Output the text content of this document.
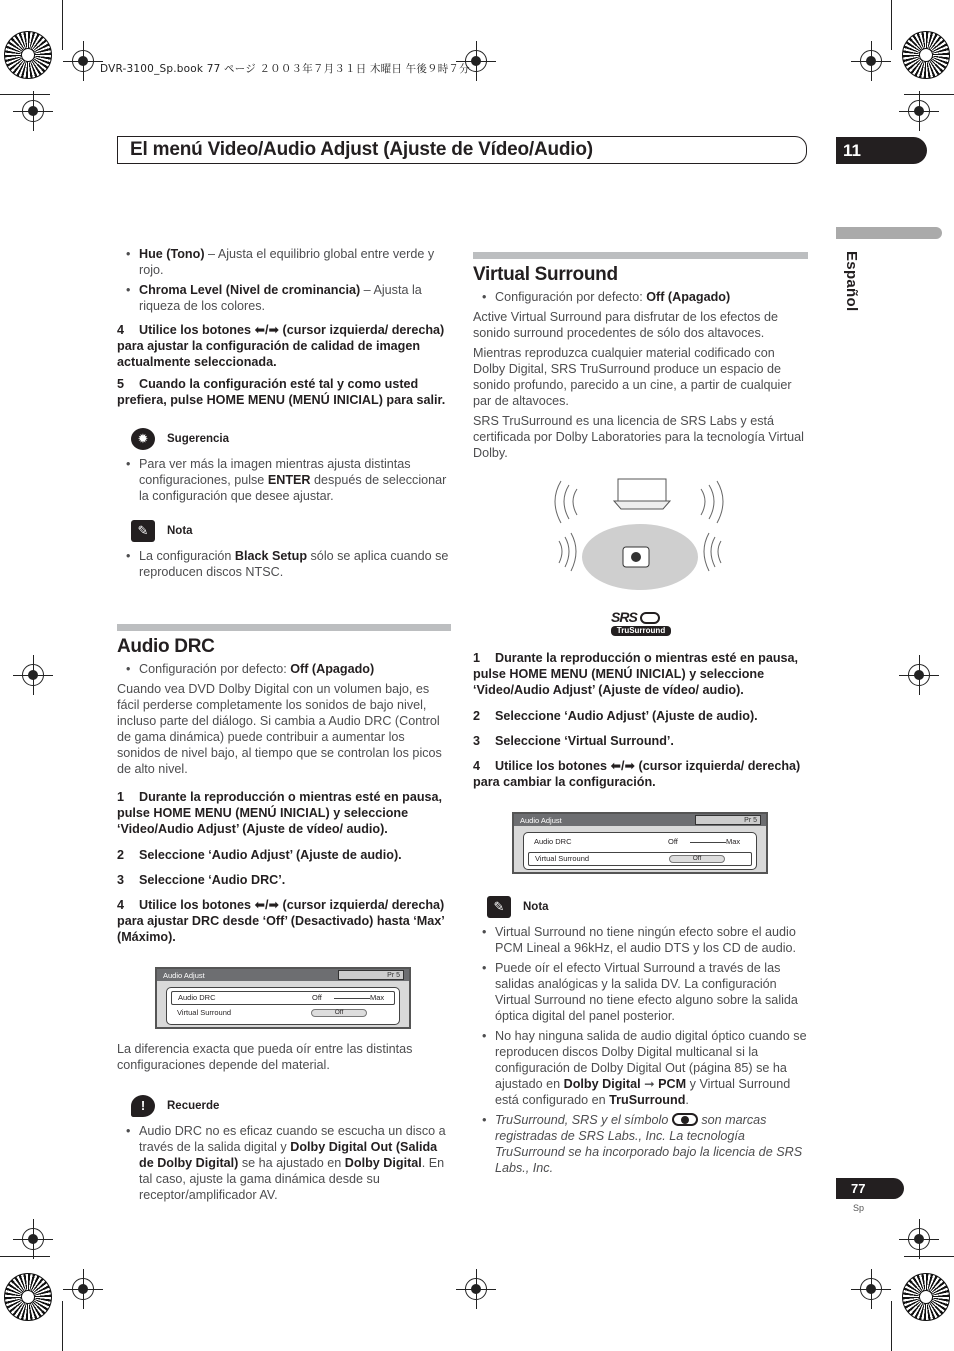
DVR-3100_Sp.book 77 ページ ２００３年７月３１日 木曜日 午後９時７分
El menú Video/Audio Adjust (Ajuste de Vídeo/Audio)	11
Español
• Hue (Tono) – Ajusta el equilibrio global entre verde y rojo.
• Chroma Level (Nivel de crominancia) – Ajusta la riqueza de los colores.
4 Utilice los botones ⬅/➡ (cursor izquierda/ derecha) para ajustar la configuración de calidad de imagen actualmente seleccionada.
5 Cuando la configuración esté tal y como usted prefiera, pulse HOME MENU (MENÚ INICIAL) para salir.
✹	Sugerencia
• Para ver más la imagen mientras ajusta distintas configuraciones, pulse ENTER después de seleccionar la configuración que desee ajustar.
✎	Nota
• La configuración Black Setup sólo se aplica cuando se reproducen discos NTSC.
Audio DRC
• Configuración por defecto: Off (Apagado)

Cuando vea DVD Dolby Digital con un volumen bajo, es fácil perderse completamente los sonidos de bajo nivel, incluso parte del diálogo. Si cambia a Audio DRC (Control de gama dinámica) puede contribuir a aumentar los sonidos de nivel bajo, al tiempo que se controlan los picos de alto nivel.

1 Durante la reproducción o mientras esté en pausa, pulse HOME MENU (MENÚ INICIAL) y seleccione ‘Video/Audio Adjust’ (Ajuste de vídeo/ audio).
2 Seleccione ‘Audio Adjust’ (Ajuste de audio).
3 Seleccione ‘Audio DRC’.
4 Utilice los botones ⬅/➡ (cursor izquierda/ derecha) para ajustar DRC desde ‘Off’ (Desactivado) hasta ‘Max’ (Máximo).
Audio Adjust	Pr 5
Audio DRC	Off	Max
Virtual Surround	Off

La diferencia exacta que pueda oír entre las distintas configuraciones depende del material.

!	Recuerde
• Audio DRC no es eficaz cuando se escucha un disco a través de la salida digital y Dolby Digital Out (Salida de Dolby Digital) se ha ajustado en Dolby Digital. En tal caso, ajuste la gama dinámica desde su receptor/amplificador AV.
Virtual Surround
• Configuración por defecto: Off (Apagado)

Active Virtual Surround para disfrutar de los efectos de sonido surround procedentes de sólo dos altavoces.

Mientras reproduzca cualquier material codificado con Dolby Digital, SRS TruSurround produce un espacio de sonido profundo, parecido a un cine, a partir de cualquier par de altavoces.

SRS TruSurround es una licencia de SRS Labs y está certificada por Dolby Laboratories para la tecnología Virtual Dolby.

SRS
TruSurround
1 Durante la reproducción o mientras esté en pausa, pulse HOME MENU (MENÚ INICIAL) y seleccione ‘Video/Audio Adjust’ (Ajuste de vídeo/ audio).
2 Seleccione ‘Audio Adjust’ (Ajuste de audio).
3 Seleccione ‘Virtual Surround’.
4 Utilice los botones ⬅/➡ (cursor izquierda/ derecha) para cambiar la configuración.
Audio Adjust	Pr 5
Audio DRC	Off	Max
Virtual Surround	Off
✎	Nota
• Virtual Surround no tiene ningún efecto sobre el audio PCM Lineal a 96kHz, el audio DTS y los CD de audio.
• Puede oír el efecto Virtual Surround a través de las salidas analógicas y la salida DV. La configuración Virtual Surround no tiene efecto alguno sobre la salida óptica digital del panel posterior.
• No hay ninguna salida de audio digital óptico cuando se reproducen discos Dolby Digital multicanal si la configuración de Dolby Digital Out (página 85) se ha ajustado en Dolby Digital ➞ PCM y Virtual Surround está configurado en TruSurround.
• TruSurround, SRS y el símbolo
son marcas registradas de SRS Labs., Inc. La tecnología TruSurround se ha incorporado bajo la licencia de SRS Labs., Inc.
77
Sp
